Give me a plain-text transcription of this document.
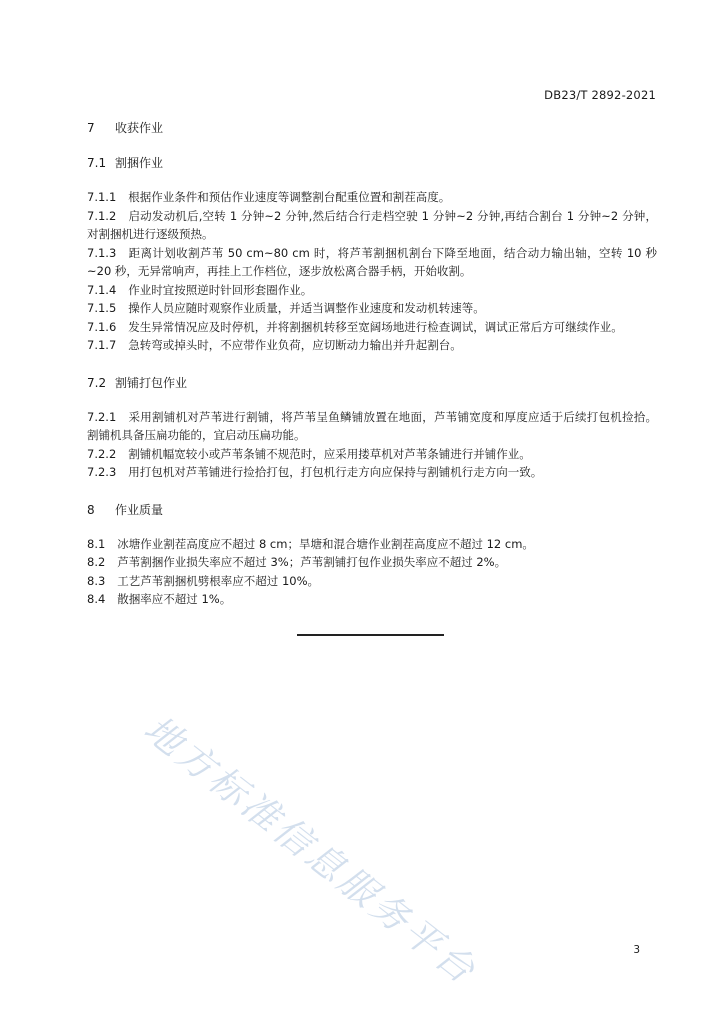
DB23/T 2892-2021
7 收获作业
7.1 割捆作业

7.1.1 根据作业条件和预估作业速度等调整割台配重位置和割茬高度。

7.1.2 启动发动机后,空转 1 分钟~2 分钟,然后结合行走档空驶 1 分钟~2 分钟,再结合割台 1 分钟~2 分钟，对割捆机进行逐级预热。

7.1.3 距离计划收割芦苇 50 cm~80 cm 时，将芦苇割捆机割台下降至地面，结合动力输出轴，空转 10 秒~20 秒，无异常响声，再挂上工作档位，逐步放松离合器手柄，开始收割。

7.1.4 作业时宜按照逆时针回形套圈作业。

7.1.5 操作人员应随时观察作业质量，并适当调整作业速度和发动机转速等。

7.1.6 发生异常情况应及时停机，并将割捆机转移至宽阔场地进行检查调试，调试正常后方可继续作业。

7.1.7 急转弯或掉头时，不应带作业负荷，应切断动力输出并升起割台。

7.2 割铺打包作业

7.2.1 采用割铺机对芦苇进行割铺，将芦苇呈鱼鳞铺放置在地面，芦苇铺宽度和厚度应适于后续打包机捡拾。割铺机具备压扁功能的，宜启动压扁功能。

7.2.2 割铺机幅宽较小或芦苇条铺不规范时，应采用搂草机对芦苇条铺进行并铺作业。

7.2.3 用打包机对芦苇铺进行捡拾打包，打包机行走方向应保持与割铺机行走方向一致。

8 作业质量

8.1 冰塘作业割茬高度应不超过 8 cm；旱塘和混合塘作业割茬高度应不超过 12 cm。

8.2 芦苇割捆作业损失率应不超过 3%；芦苇割铺打包作业损失率应不超过 2%。

8.3 工艺芦苇割捆机劈根率应不超过 10%。

8.4 散捆率应不超过 1%。

地方标准信息服务平台	3
